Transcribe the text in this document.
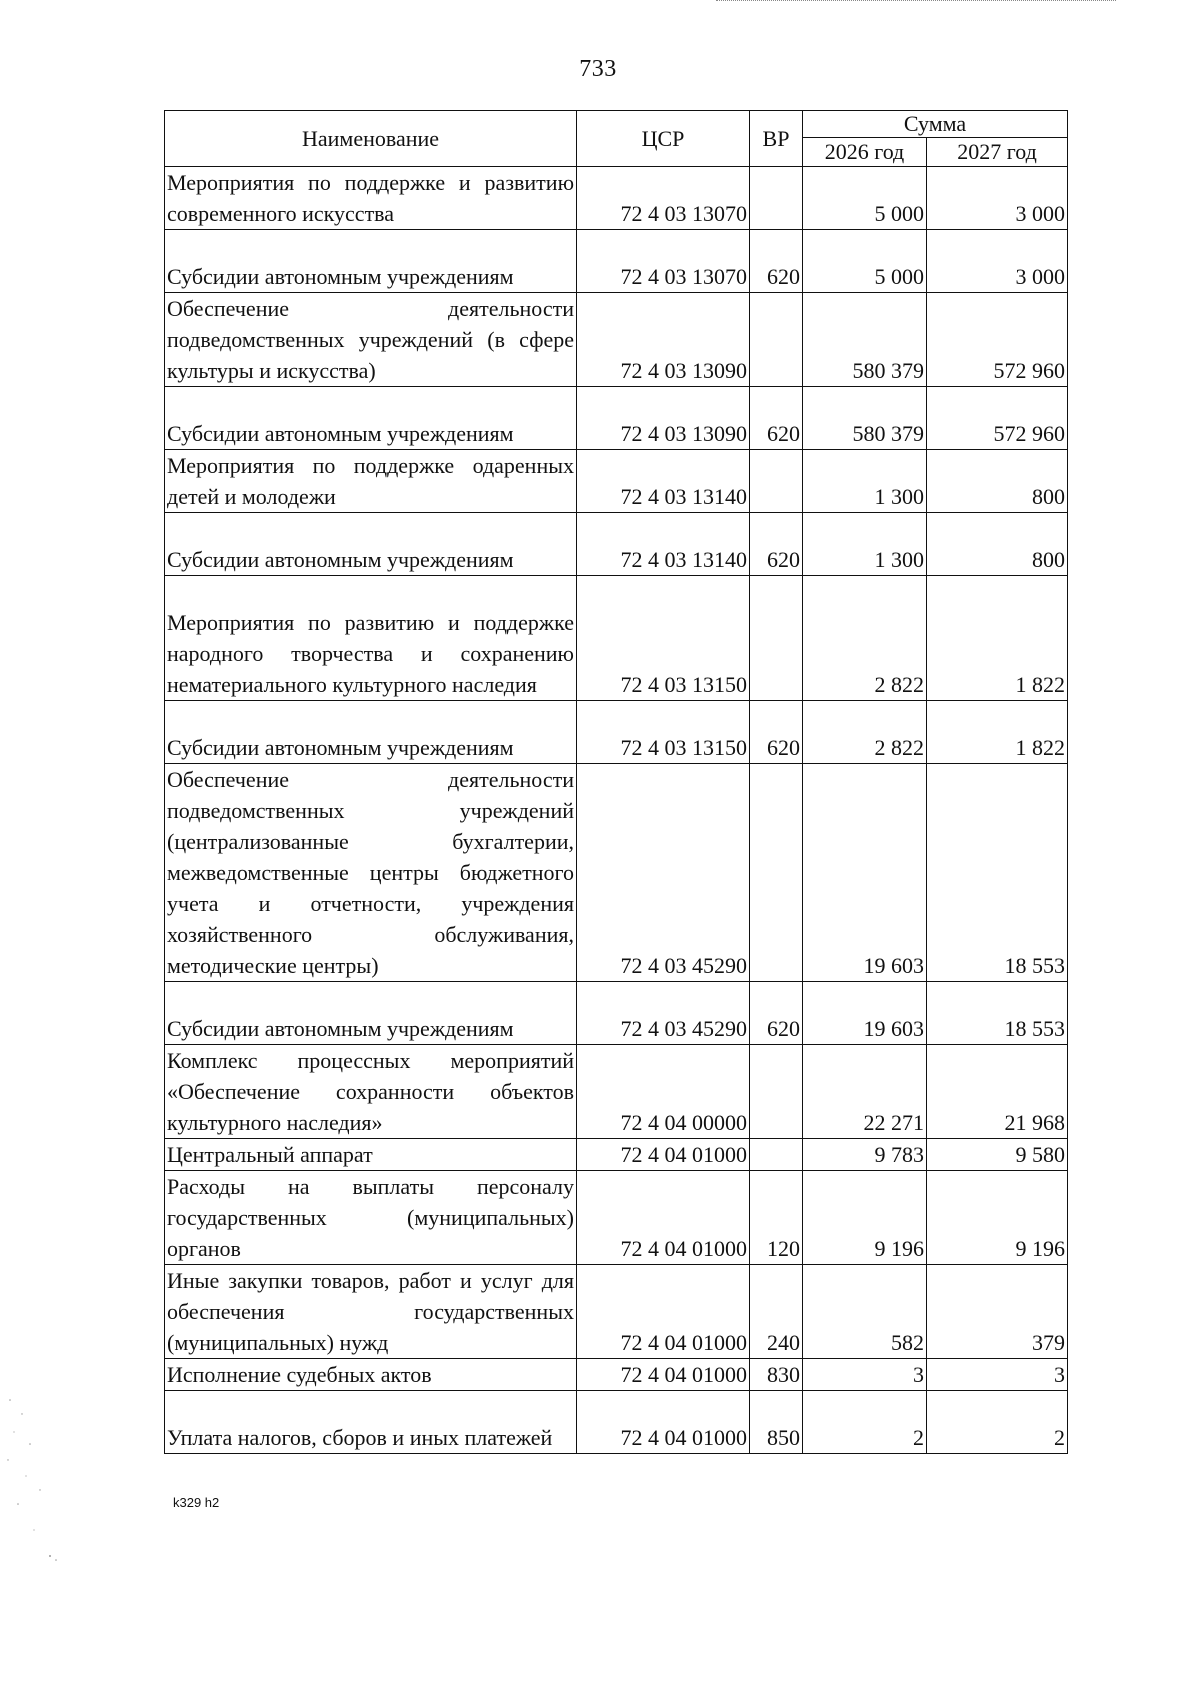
733
Наименование	ЦСР	ВР	Сумма	
			2026 год	2027 год
Мероприятия по поддержке и развитию современного искусства	72 4 03 13070		5 000	3 000
Субсидии автономным учреждениям	72 4 03 13070	620	5 000	3 000
Обеспечение деятельности подведомственных учреждений (в сфере культуры и искусства)	72 4 03 13090		580 379	572 960
Субсидии автономным учреждениям	72 4 03 13090	620	580 379	572 960
Мероприятия по поддержке одаренных детей и молодежи	72 4 03 13140		1 300	800
Субсидии автономным учреждениям	72 4 03 13140	620	1 300	800
Мероприятия по развитию и поддержке народного творчества и сохранению нематериального культурного наследия	72 4 03 13150		2 822	1 822
Субсидии автономным учреждениям	72 4 03 13150	620	2 822	1 822
Обеспечение деятельности подведомственных учреждений (централизованные бухгалтерии, межведомственные центры бюджетного учета и отчетности, учреждения хозяйственного обслуживания, методические центры)	72 4 03 45290		19 603	18 553
Субсидии автономным учреждениям	72 4 03 45290	620	19 603	18 553
Комплекс процессных мероприятий «Обеспечение сохранности объектов культурного наследия»	72 4 04 00000		22 271	21 968
Центральный аппарат	72 4 04 01000		9 783	9 580
Расходы на выплаты персоналу государственных (муниципальных) органов	72 4 04 01000	120	9 196	9 196
Иные закупки товаров, работ и услуг для обеспечения государственных (муниципальных) нужд	72 4 04 01000	240	582	379
Исполнение судебных актов	72 4 04 01000	830	3	3
Уплата налогов, сборов и иных платежей	72 4 04 01000	850	2	2
k329 h2
